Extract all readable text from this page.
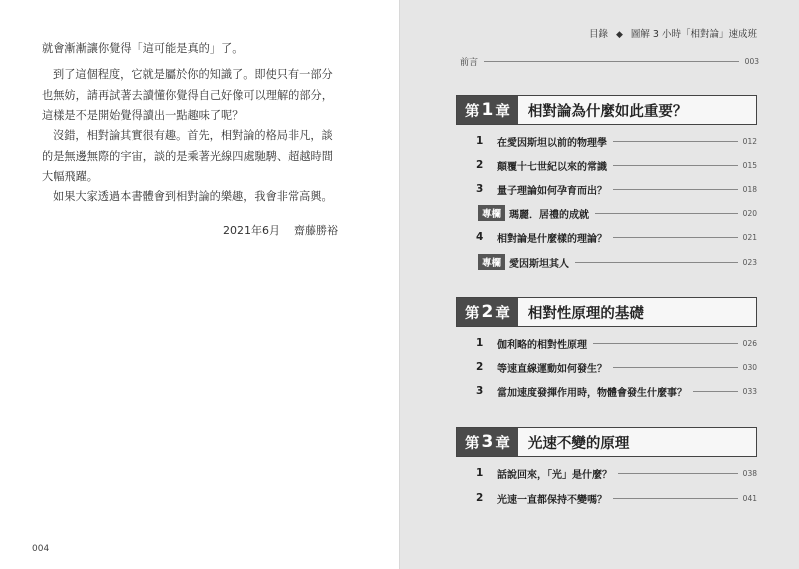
就會漸漸讓你覺得「這可能是真的」了。

到了這個程度，它就是屬於你的知識了。即使只有一部分也無妨，請再試著去讀懂你覺得自己好像可以理解的部分，這樣是不是開始覺得讀出一點趣味了呢？

沒錯，相對論其實很有趣。首先，相對論的格局非凡，談的是無邊無際的宇宙，談的是乘著光線四處馳騁、超越時間大幅飛躍。

如果大家透過本書體會到相對論的樂趣，我會非常高興。

2021年6月 齋藤勝裕
004
目錄 ◆ 圖解 3 小時「相對論」速成班
前言	003
第 1 章 相對論為什麼如此重要？
1	在愛因斯坦以前的物理學	012
2	顛覆十七世紀以來的常識	015
3	量子理論如何孕育而出？	018
專欄 瑪麗．居禮的成就	020
4	相對論是什麼樣的理論？	021
專欄 愛因斯坦其人	023
第 2 章 相對性原理的基礎
1	伽利略的相對性原理	026
2	等速直線運動如何發生？	030
3	當加速度發揮作用時，物體會發生什麼事？	033
第 3 章 光速不變的原理
1	話說回來，「光」是什麼？	038
2	光速一直都保持不變嗎？	041
